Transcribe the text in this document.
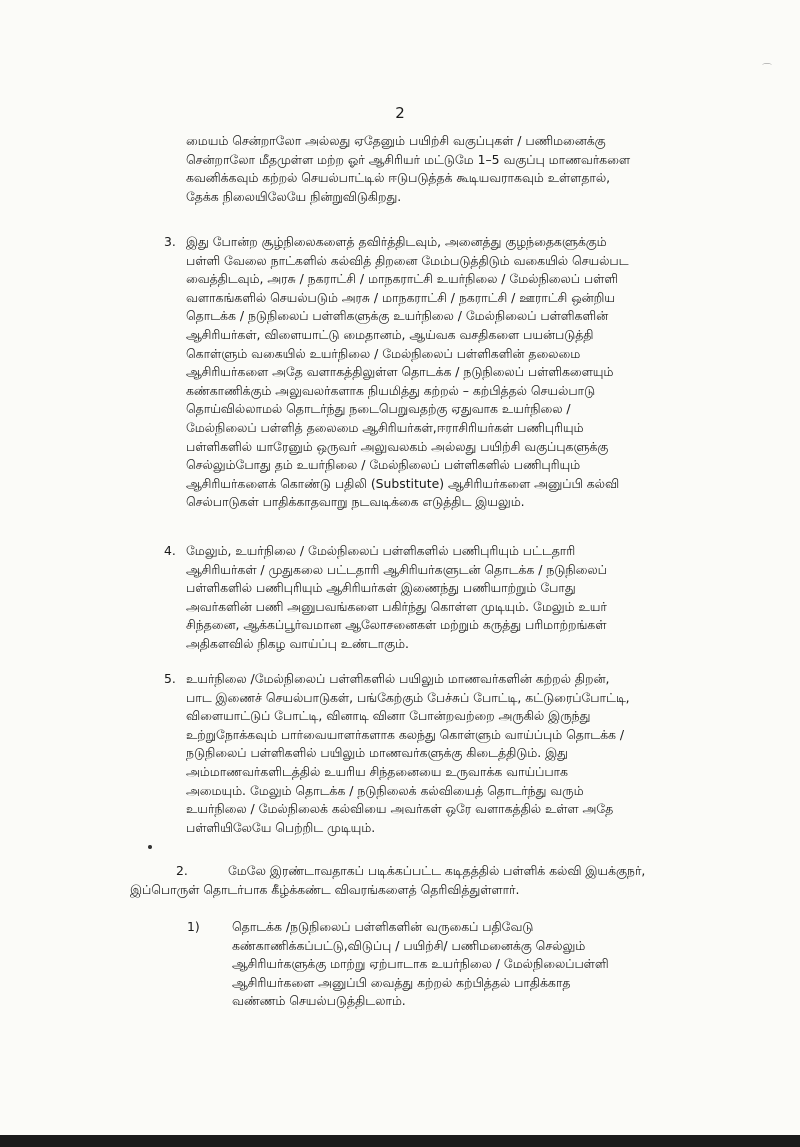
⌒
2
மையம் சென்றாலோ அல்லது ஏதேனும் பயிற்சி வகுப்புகள் / பணிமனைக்கு
சென்றாலோ மீதமுள்ள மற்ற ஓர் ஆசிரியர் மட்டுமே 1–5 வகுப்பு மாணவர்களை
கவனிக்கவும் கற்றல் செயல்பாட்டில் ஈடுபடுத்தக் கூடியவராகவும் உள்ளதால்,
தேக்க நிலையிலேயே நின்றுவிடுகிறது.
3. இது போன்ற சூழ்நிலைகளைத் தவிர்த்திடவும், அனைத்து குழந்தைகளுக்கும்
பள்ளி வேலை நாட்களில் கல்வித் திறனை மேம்படுத்திடும் வகையில் செயல்பட
வைத்திடவும், அரசு / நகராட்சி / மாநகராட்சி உயர்நிலை / மேல்நிலைப் பள்ளி
வளாகங்களில் செயல்படும் அரசு / மாநகராட்சி / நகராட்சி / ஊராட்சி ஒன்றிய
தொடக்க / நடுநிலைப் பள்ளிகளுக்கு உயர்நிலை / மேல்நிலைப் பள்ளிகளின்
ஆசிரியர்கள், விளையாட்டு மைதானம், ஆய்வக வசதிகளை பயன்படுத்தி
கொள்ளும் வகையில் உயர்நிலை / மேல்நிலைப் பள்ளிகளின் தலைமை
ஆசிரியர்களை அதே வளாகத்திலுள்ள தொடக்க / நடுநிலைப் பள்ளிகளையும்
கண்காணிக்கும் அலுவலர்களாக நியமித்து கற்றல் – கற்பித்தல் செயல்பாடு
தொய்வில்லாமல் தொடர்ந்து நடைபெறுவதற்கு ஏதுவாக உயர்நிலை /
மேல்நிலைப் பள்ளித் தலைமை ஆசிரியர்கள்,ஈராசிரியர்கள் பணிபுரியும்
பள்ளிகளில் யாரேனும் ஒருவர் அலுவலகம் அல்லது பயிற்சி வகுப்புகளுக்கு
செல்லும்போது தம் உயர்நிலை / மேல்நிலைப் பள்ளிகளில் பணிபுரியும்
ஆசிரியர்களைக் கொண்டு பதிலி (Substitute) ஆசிரியர்களை அனுப்பி கல்வி
செல்பாடுகள் பாதிக்காதவாறு நடவடிக்கை எடுத்திட இயலும்.
4. மேலும், உயர்நிலை / மேல்நிலைப் பள்ளிகளில் பணிபுரியும் பட்டதாரி
ஆசிரியர்கள் / முதுகலை பட்டதாரி ஆசிரியர்களுடன் தொடக்க / நடுநிலைப்
பள்ளிகளில் பணிபுரியும் ஆசிரியர்கள் இணைந்து பணியாற்றும் போது
அவர்களின் பணி அனுபவங்களை பகிர்ந்து கொள்ள முடியும். மேலும் உயர்
சிந்தனை, ஆக்கப்பூர்வமான ஆலோசனைகள் மற்றும் கருத்து பரிமாற்றங்கள்
அதிகளவில் நிகழ வாய்ப்பு உண்டாகும்.
5. உயர்நிலை /மேல்நிலைப் பள்ளிகளில் பயிலும் மாணவர்களின் கற்றல் திறன்,
பாட இணைச் செயல்பாடுகள், பங்கேற்கும் பேச்சுப் போட்டி, கட்டுரைப்போட்டி,
விளையாட்டுப் போட்டி, வினாடி வினா போன்றவற்றை அருகில் இருந்து
உற்றுநோக்கவும் பார்வையாளர்களாக கலந்து கொள்ளும் வாய்ப்பும் தொடக்க /
நடுநிலைப் பள்ளிகளில் பயிலும் மாணவர்களுக்கு கிடைத்திடும். இது
அம்மாணவர்களிடத்தில் உயரிய சிந்தனையை உருவாக்க வாய்ப்பாக
அமையும். மேலும் தொடக்க / நடுநிலைக் கல்வியைத் தொடர்ந்து வரும்
உயர்நிலை / மேல்நிலைக் கல்வியை அவர்கள் ஒரே வளாகத்தில் உள்ள அதே
பள்ளியிலேயே பெற்றிட முடியும்.
2.	மேலே இரண்டாவதாகப் படிக்கப்பட்ட கடிதத்தில் பள்ளிக் கல்வி இயக்குநர்,
இப்பொருள் தொடர்பாக கீழ்க்கண்ட விவரங்களைத் தெரிவித்துள்ளார்.
1)	தொடக்க /நடுநிலைப் பள்ளிகளின் வருகைப் பதிவேடு
கண்காணிக்கப்பட்டு,விடுப்பு / பயிற்சி/ பணிமனைக்கு செல்லும்
ஆசிரியர்களுக்கு மாற்று ஏற்பாடாக உயர்நிலை / மேல்நிலைப்பள்ளி
ஆசிரியர்களை அனுப்பி வைத்து கற்றல் கற்பித்தல் பாதிக்காத
வண்ணம் செயல்படுத்திடலாம்.
